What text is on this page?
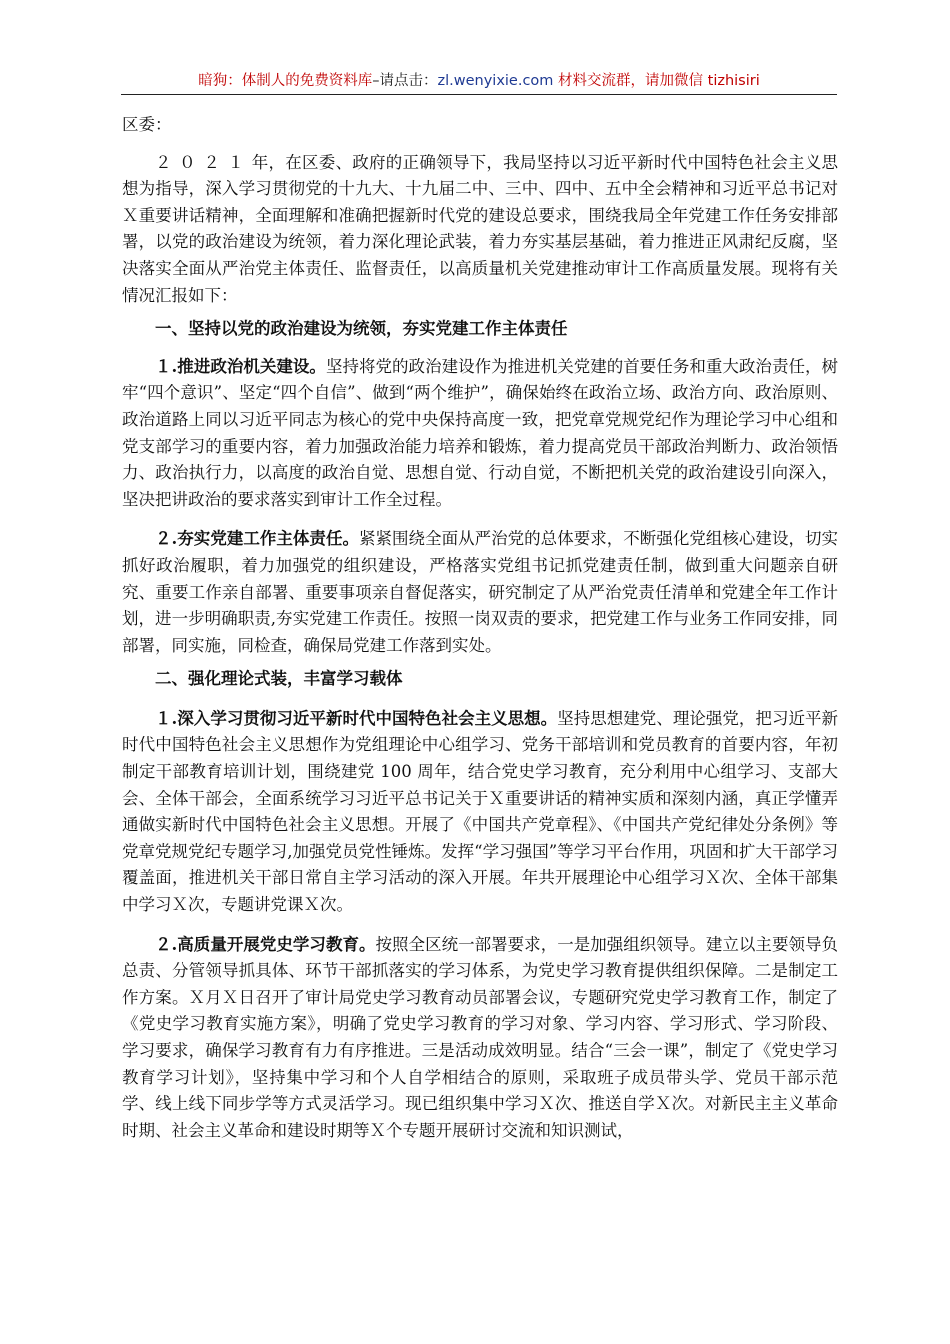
暗狗：体制人的免费资料库–请点击：zl.wenyixie.com 材料交流群，请加微信 tizhisiri

区委：

２０２１年，在区委、政府的正确领导下，我局坚持以习近平新时代中国特色社会主义思想为指导，深入学习贯彻党的十九大、十九届二中、三中、四中、五中全会精神和习近平总书记对Ｘ重要讲话精神，全面理解和准确把握新时代党的建设总要求，围绕我局全年党建工作任务安排部署，以党的政治建设为统领，着力深化理论武装，着力夯实基层基础，着力推进正风肃纪反腐，坚决落实全面从严治党主体责任、监督责任，以高质量机关党建推动审计工作高质量发展。现将有关情况汇报如下：

一、坚持以党的政治建设为统领，夯实党建工作主体责任

１.推进政治机关建设。坚持将党的政治建设作为推进机关党建的首要任务和重大政治责任，树牢“四个意识”、坚定“四个自信”、做到“两个维护”，确保始终在政治立场、政治方向、政治原则、政治道路上同以习近平同志为核心的党中央保持高度一致，把党章党规党纪作为理论学习中心组和党支部学习的重要内容，着力加强政治能力培养和锻炼，着力提高党员干部政治判断力、政治领悟力、政治执行力，以高度的政治自觉、思想自觉、行动自觉，不断把机关党的政治建设引向深入，坚决把讲政治的要求落实到审计工作全过程。

２.夯实党建工作主体责任。紧紧围绕全面从严治党的总体要求，不断强化党组核心建设，切实抓好政治履职，着力加强党的组织建设，严格落实党组书记抓党建责任制，做到重大问题亲自研究、重要工作亲自部署、重要事项亲自督促落实，研究制定了从严治党责任清单和党建全年工作计划，进一步明确职责,夯实党建工作责任。按照一岗双责的要求，把党建工作与业务工作同安排，同部署，同实施，同检查，确保局党建工作落到实处。

二、强化理论式装，丰富学习载体

１.深入学习贯彻习近平新时代中国特色社会主义思想。坚持思想建党、理论强党，把习近平新时代中国特色社会主义思想作为党组理论中心组学习、党务干部培训和党员教育的首要内容，年初制定干部教育培训计划，围绕建党 100 周年，结合党史学习教育，充分利用中心组学习、支部大会、全体干部会，全面系统学习习近平总书记关于Ｘ重要讲话的精神实质和深刻内涵，真正学懂弄通做实新时代中国特色社会主义思想。开展了《中国共产党章程》、《中国共产党纪律处分条例》等党章党规党纪专题学习,加强党员党性锤炼。发挥“学习强国”等学习平台作用，巩固和扩大干部学习覆盖面，推进机关干部日常自主学习活动的深入开展。年共开展理论中心组学习Ｘ次、全体干部集中学习Ｘ次，专题讲党课Ｘ次。

２.高质量开展党史学习教育。按照全区统一部署要求，一是加强组织领导。建立以主要领导负总责、分管领导抓具体、环节干部抓落实的学习体系，为党史学习教育提供组织保障。二是制定工作方案。Ｘ月Ｘ日召开了审计局党史学习教育动员部署会议，专题研究党史学习教育工作，制定了《党史学习教育实施方案》，明确了党史学习教育的学习对象、学习内容、学习形式、学习阶段、学习要求，确保学习教育有力有序推进。三是活动成效明显。结合“三会一课”，制定了《党史学习教育学习计划》，坚持集中学习和个人自学相结合的原则，采取班子成员带头学、党员干部示范学、线上线下同步学等方式灵活学习。现已组织集中学习Ｘ次、推送自学Ｘ次。对新民主主义革命时期、社会主义革命和建设时期等Ｘ个专题开展研讨交流和知识测试，
